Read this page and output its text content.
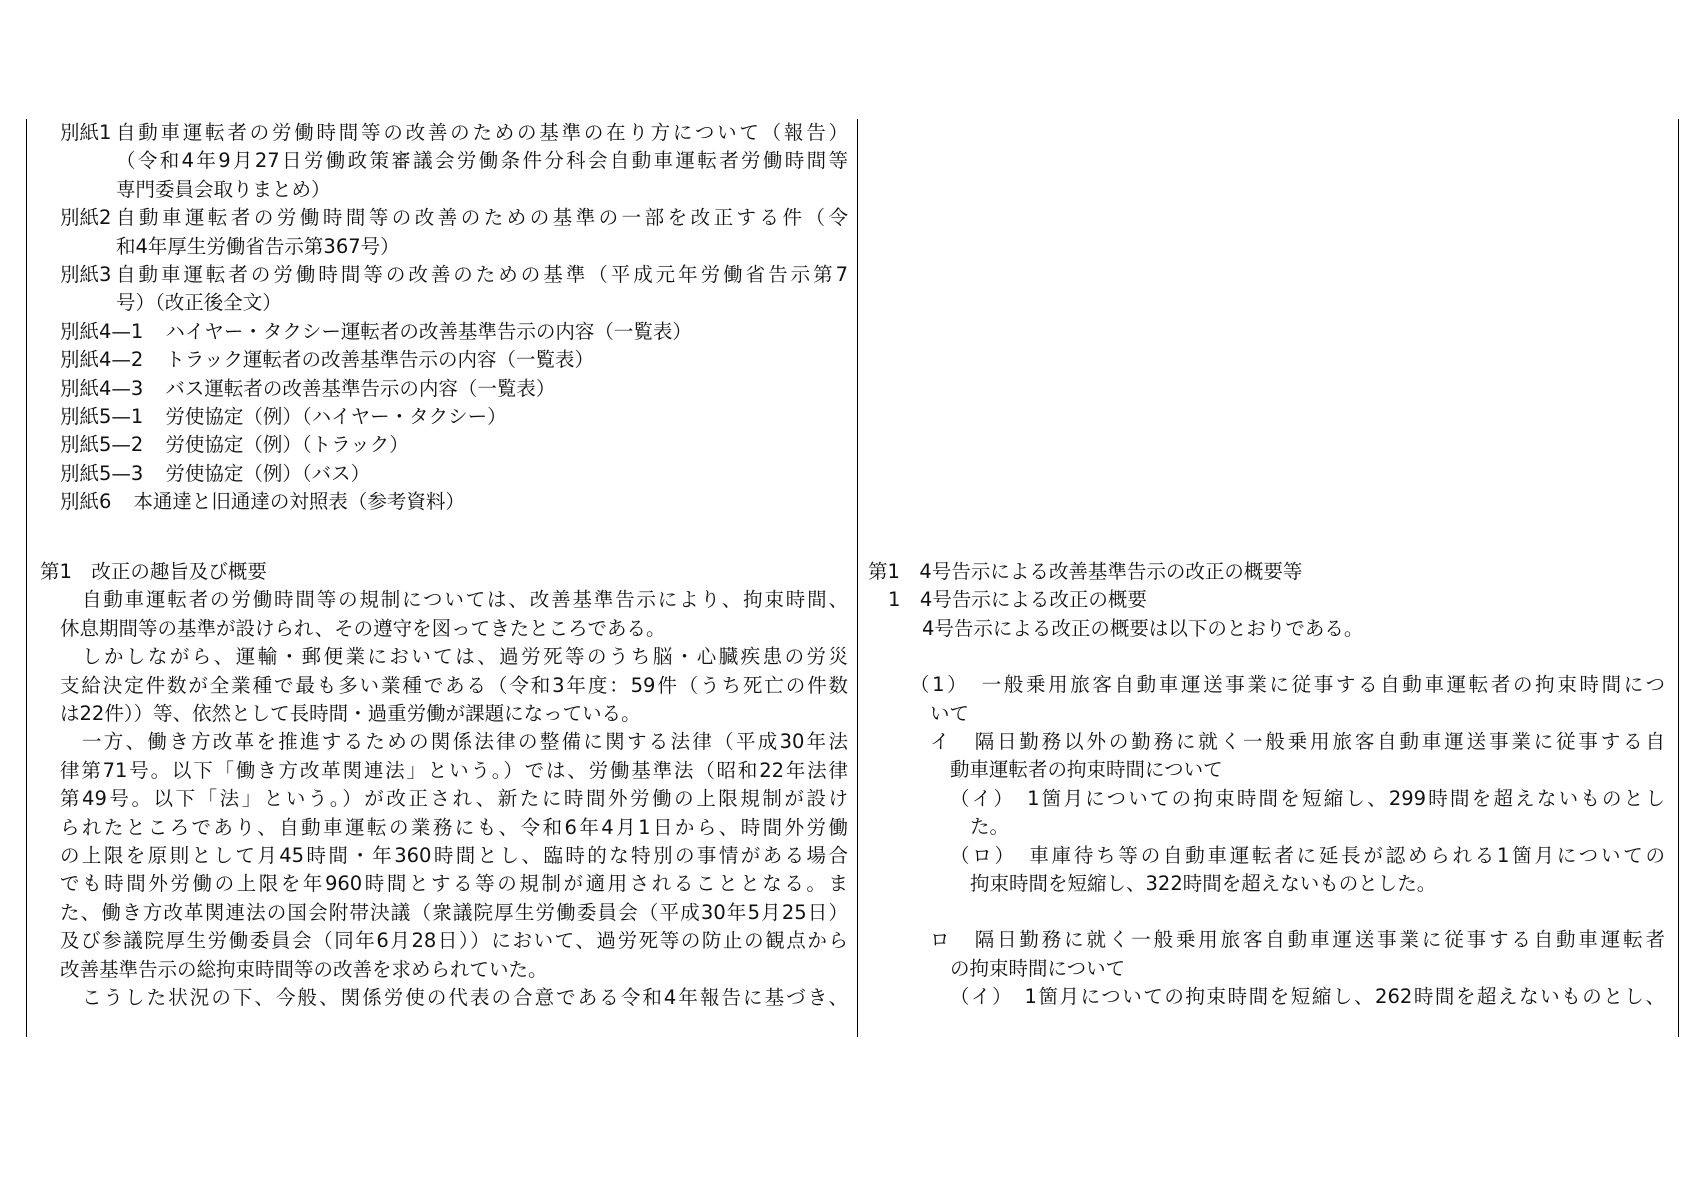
別紙1 自動車運転者の労働時間等の改善のための基準の在り方について（報告）
（令和4年9月27日労働政策審議会労働条件分科会自動車運転者労働時間等
専門委員会取りまとめ）
別紙2 自動車運転者の労働時間等の改善のための基準の一部を改正する件（令
和4年厚生労働省告示第367号）
別紙3 自動車運転者の労働時間等の改善のための基準（平成元年労働省告示第7
号）（改正後全文）
別紙4—1 ハイヤー・タクシー運転者の改善基準告示の内容（一覧表）
別紙4—2 トラック運転者の改善基準告示の内容（一覧表）
別紙4—3 バス運転者の改善基準告示の内容（一覧表）
別紙5—1 労使協定（例）（ハイヤー・タクシー）
別紙5—2 労使協定（例）（トラック）
別紙5—3 労使協定（例）（バス）
別紙6 本通達と旧通達の対照表（参考資料）
第1　改正の趣旨及び概要
自動車運転者の労働時間等の規制については、改善基準告示により、拘束時間、
休息期間等の基準が設けられ、その遵守を図ってきたところである。
しかしながら、運輸・郵便業においては、過労死等のうち脳・心臓疾患の労災
支給決定件数が全業種で最も多い業種である（令和3年度：59件（うち死亡の件数
は22件））等、依然として長時間・過重労働が課題になっている。
一方、働き方改革を推進するための関係法律の整備に関する法律（平成30年法
律第71号。以下「働き方改革関連法」という。）では、労働基準法（昭和22年法律
第49号。以下「法」という。）が改正され、新たに時間外労働の上限規制が設け
られたところであり、自動車運転の業務にも、令和6年4月1日から、時間外労働
の上限を原則として月45時間・年360時間とし、臨時的な特別の事情がある場合
でも時間外労働の上限を年960時間とする等の規制が適用されることとなる。ま
た、働き方改革関連法の国会附帯決議（衆議院厚生労働委員会（平成30年5月25日）
及び参議院厚生労働委員会（同年6月28日））において、過労死等の防止の観点から
改善基準告示の総拘束時間等の改善を求められていた。
こうした状況の下、今般、関係労使の代表の合意である令和4年報告に基づき、
第1　4号告示による改善基準告示の改正の概要等
1　4号告示による改正の概要
4号告示による改正の概要は以下のとおりである。
（1）　一般乗用旅客自動車運送事業に従事する自動車運転者の拘束時間につ
いて
イ　隔日勤務以外の勤務に就く一般乗用旅客自動車運送事業に従事する自
動車運転者の拘束時間について
（イ）　1箇月についての拘束時間を短縮し、299時間を超えないものとし
た。
（ロ）　車庫待ち等の自動車運転者に延長が認められる1箇月についての
拘束時間を短縮し、322時間を超えないものとした。
ロ　隔日勤務に就く一般乗用旅客自動車運送事業に従事する自動車運転者
の拘束時間について
（イ）　1箇月についての拘束時間を短縮し、262時間を超えないものとし、
